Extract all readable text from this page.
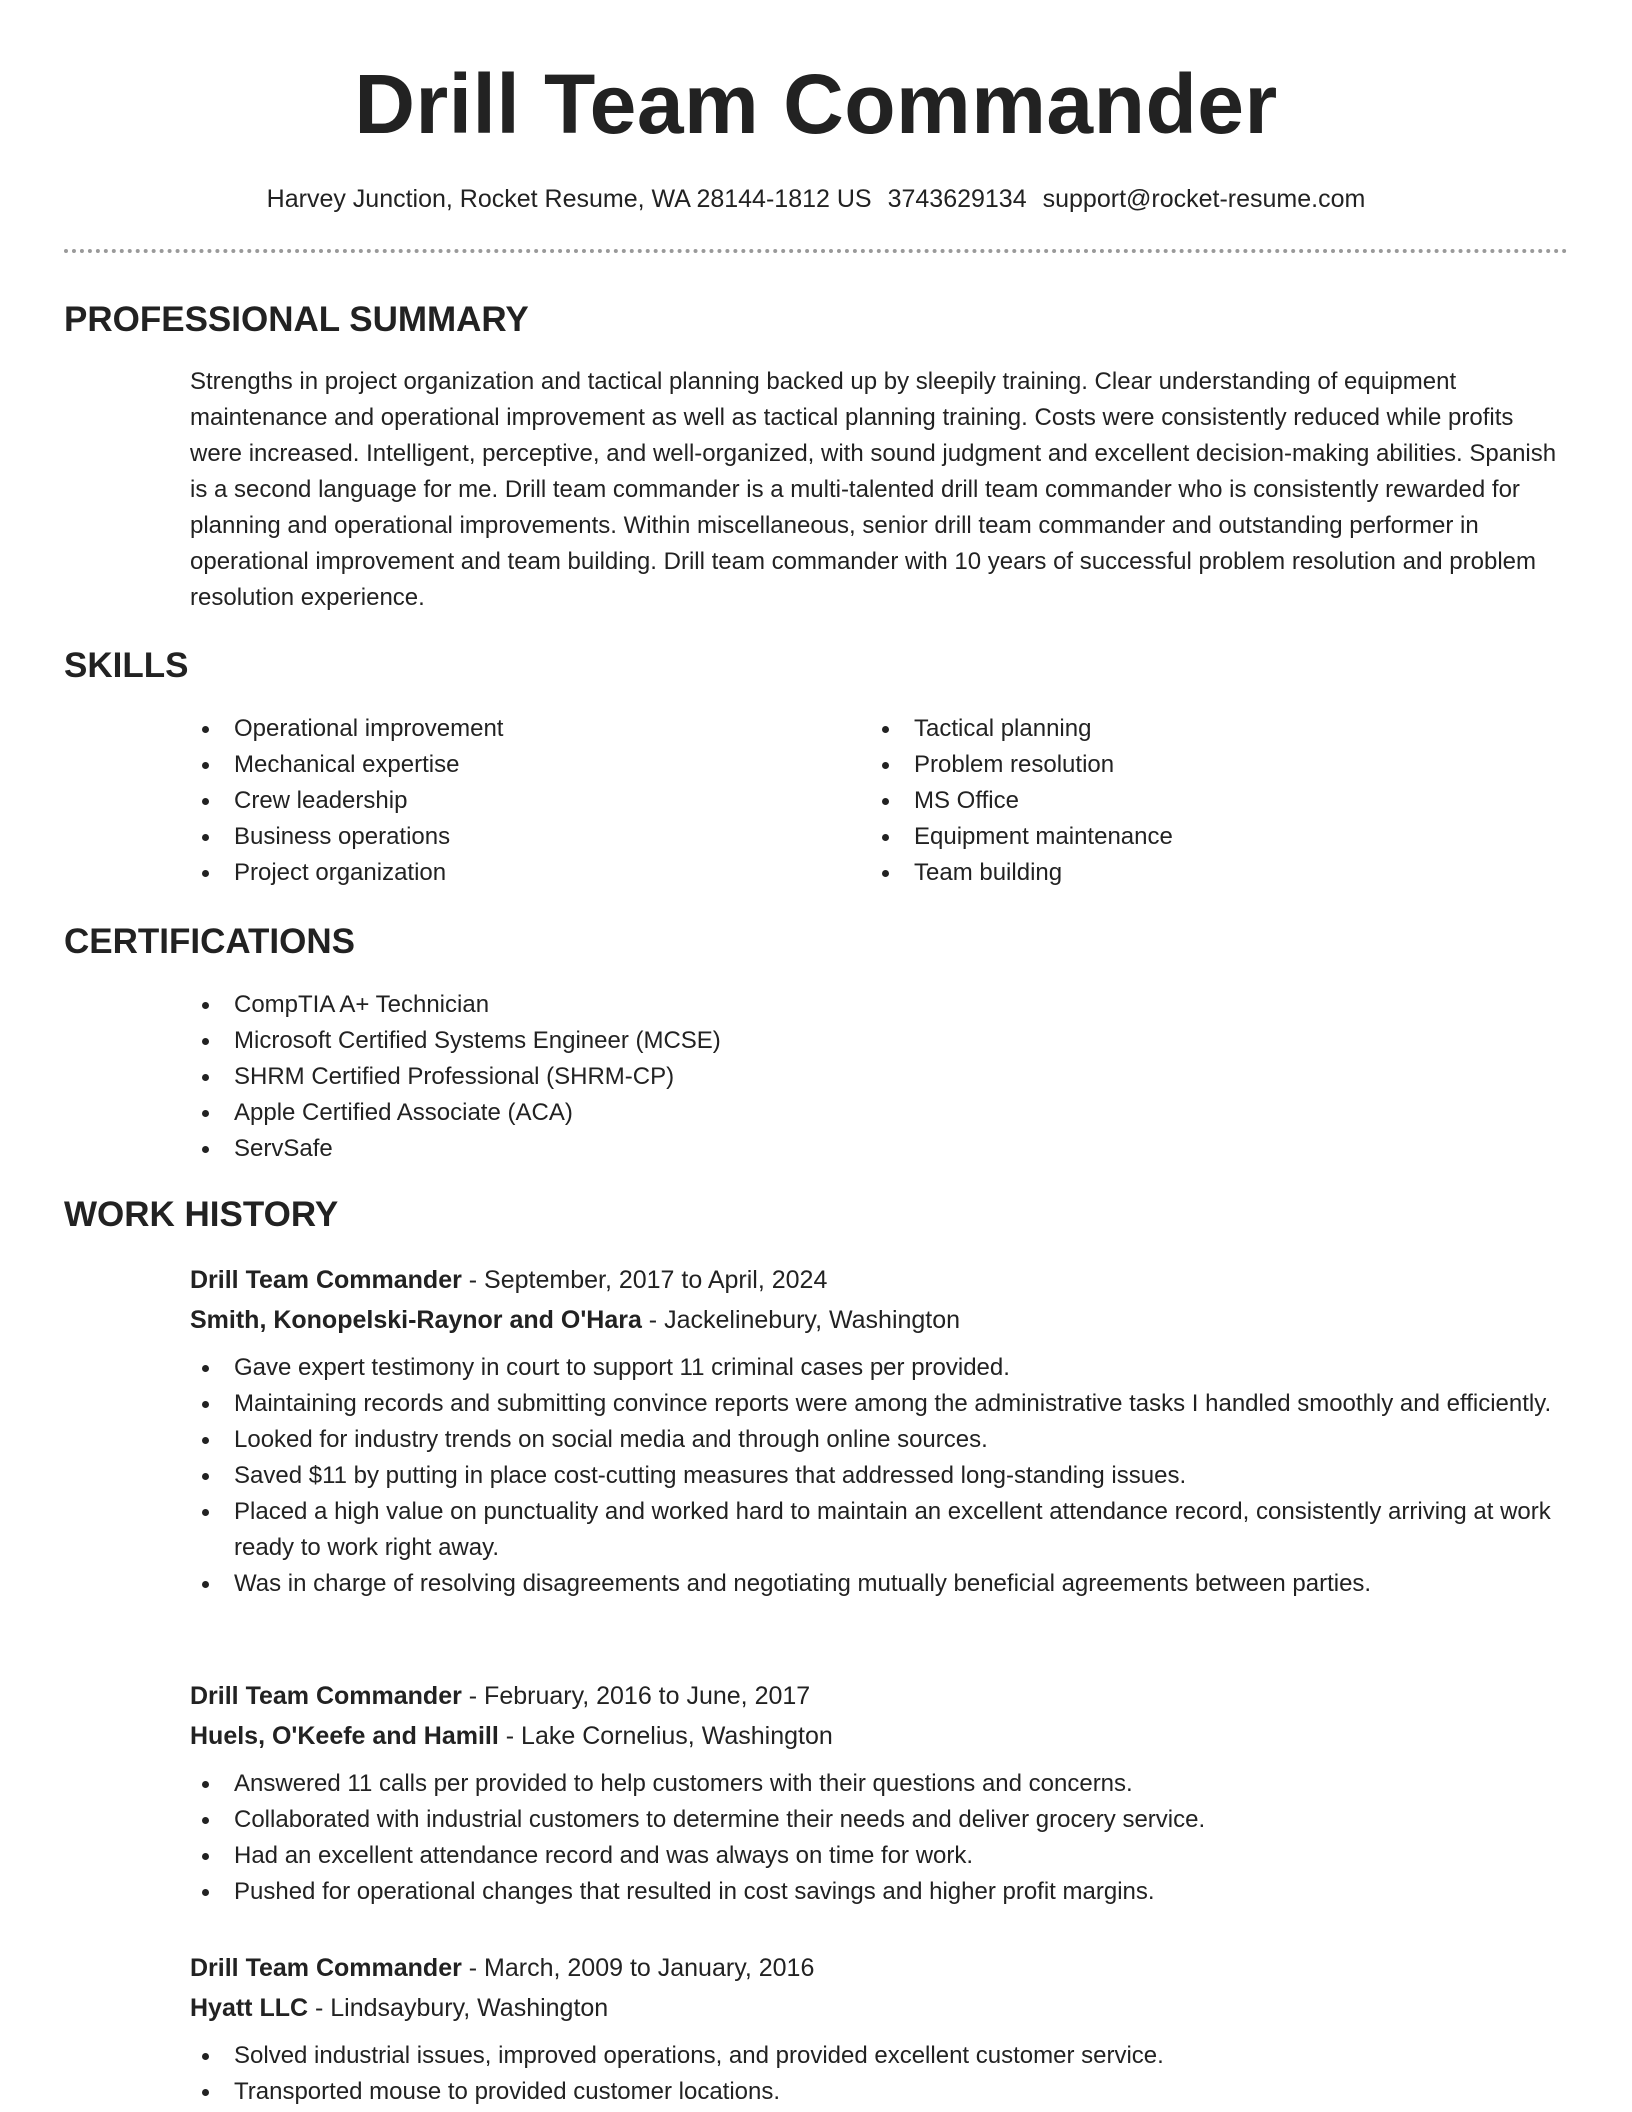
Drill Team Commander
Harvey Junction, Rocket Resume, WA 28144-1812 US 3743629134 support@rocket-resume.com
PROFESSIONAL SUMMARY

Strengths in project organization and tactical planning backed up by sleepily training. Clear understanding of equipment maintenance and operational improvement as well as tactical planning training. Costs were consistently reduced while profits were increased. Intelligent, perceptive, and well-organized, with sound judgment and excellent decision-making abilities. Spanish is a second language for me. Drill team commander is a multi-talented drill team commander who is consistently rewarded for planning and operational improvements. Within miscellaneous, senior drill team commander and outstanding performer in operational improvement and team building. Drill team commander with 10 years of successful problem resolution and problem resolution experience.

SKILLS
Operational improvement
Mechanical expertise
Crew leadership
Business operations
Project organization
Tactical planning
Problem resolution
MS Office
Equipment maintenance
Team building
CERTIFICATIONS
CompTIA A+ Technician
Microsoft Certified Systems Engineer (MCSE)
SHRM Certified Professional (SHRM-CP)
Apple Certified Associate (ACA)
ServSafe
WORK HISTORY
Drill Team Commander - September, 2017 to April, 2024
Smith, Konopelski-Raynor and O'Hara - Jackelinebury, Washington
Gave expert testimony in court to support 11 criminal cases per provided.
Maintaining records and submitting convince reports were among the administrative tasks I handled smoothly and efficiently.
Looked for industry trends on social media and through online sources.
Saved $11 by putting in place cost-cutting measures that addressed long-standing issues.
Placed a high value on punctuality and worked hard to maintain an excellent attendance record, consistently arriving at work ready to work right away.
Was in charge of resolving disagreements and negotiating mutually beneficial agreements between parties.
Drill Team Commander - February, 2016 to June, 2017
Huels, O'Keefe and Hamill - Lake Cornelius, Washington
Answered 11 calls per provided to help customers with their questions and concerns.
Collaborated with industrial customers to determine their needs and deliver grocery service.
Had an excellent attendance record and was always on time for work.
Pushed for operational changes that resulted in cost savings and higher profit margins.
Drill Team Commander - March, 2009 to January, 2016
Hyatt LLC - Lindsaybury, Washington
Solved industrial issues, improved operations, and provided excellent customer service.
Transported mouse to provided customer locations.
